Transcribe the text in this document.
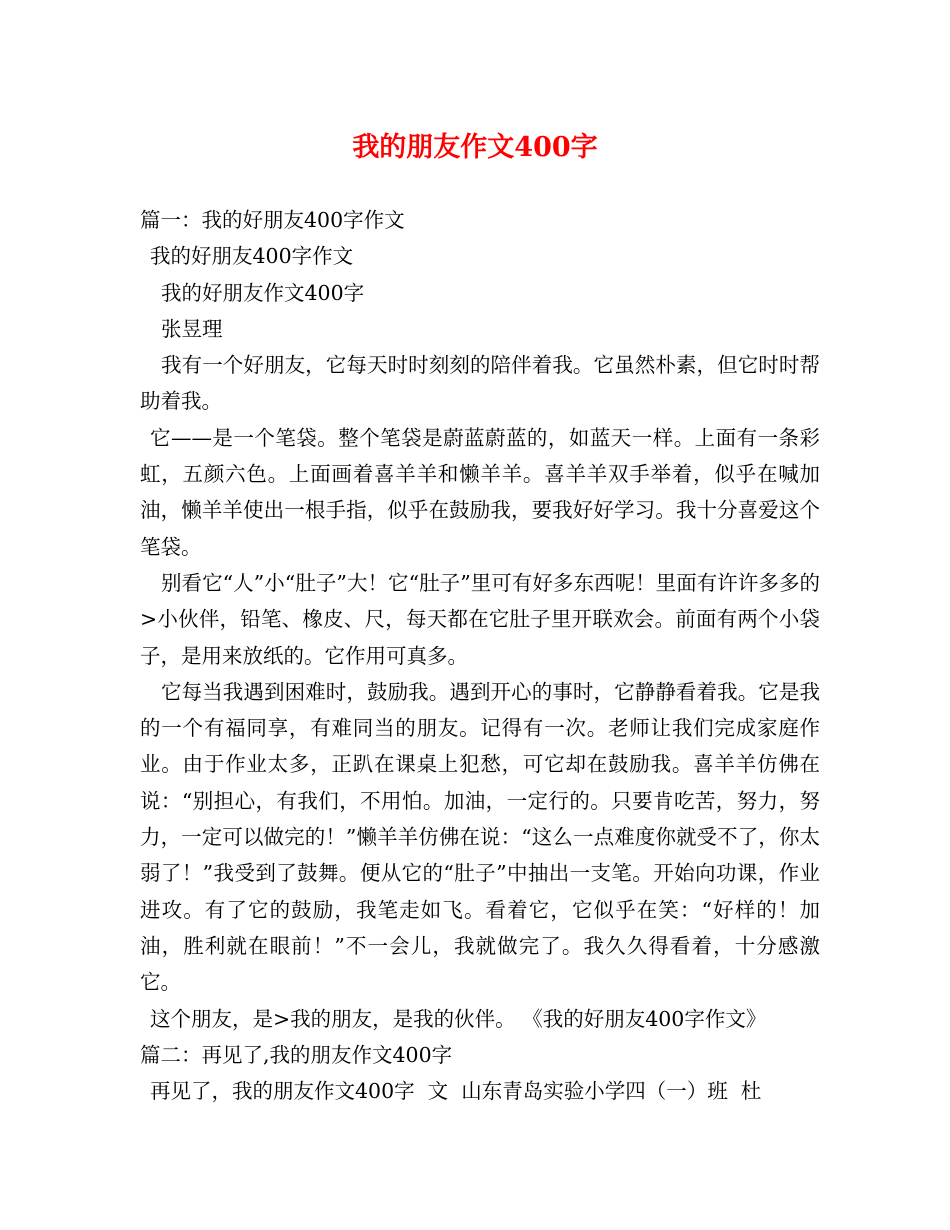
我的朋友作文400字
篇一：我的好朋友400字作文
我的好朋友400字作文
我的好朋友作文400字
张昱理
我有一个好朋友，它每天时时刻刻的陪伴着我。它虽然朴素，但它时时帮助着我。
它——是一个笔袋。整个笔袋是蔚蓝蔚蓝的，如蓝天一样。上面有一条彩虹，五颜六色。上面画着喜羊羊和懒羊羊。喜羊羊双手举着，似乎在喊加油，懒羊羊使出一根手指，似乎在鼓励我，要我好好学习。我十分喜爱这个笔袋。
别看它“人”小“肚子”大！它“肚子”里可有好多东西呢！里面有许许多多的>小伙伴，铅笔、橡皮、尺，每天都在它肚子里开联欢会。前面有两个小袋子，是用来放纸的。它作用可真多。
它每当我遇到困难时，鼓励我。遇到开心的事时，它静静看着我。它是我的一个有福同享，有难同当的朋友。记得有一次。老师让我们完成家庭作业。由于作业太多，正趴在课桌上犯愁，可它却在鼓励我。喜羊羊仿佛在说：“别担心，有我们，不用怕。加油，一定行的。只要肯吃苦，努力，努力，一定可以做完的！”懒羊羊仿佛在说：“这么一点难度你就受不了，你太弱了！”我受到了鼓舞。便从它的“肚子”中抽出一支笔。开始向功课，作业进攻。有了它的鼓励，我笔走如飞。看着它，它似乎在笑：“好样的！加油，胜利就在眼前！”不一会儿，我就做完了。我久久得看着，十分感激它。
这个朋友，是>我的朋友，是我的伙伴。 《我的好朋友400字作文》
篇二：再见了,我的朋友作文400字
再见了，我的朋友作文400字  文  山东青岛实验小学四（一）班  杜
